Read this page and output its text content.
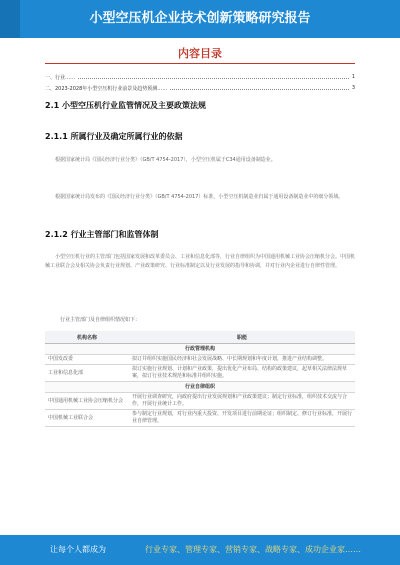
小型空压机企业技术创新策略研究报告
内容目录
一、行业……	1
二、2023-2028年小型空压机行业前景及趋势预测……	3
2.1 小型空压机行业监管情况及主要政策法规
2.1.1 所属行业及确定所属行业的依据
根据国家统计局《国民经济行业分类》（GB/T 4754-2017），小型空压机属于C34通用设备制造业。
根据国家统计局发布的《国民经济行业分类》（GB/T 4754-2017）标准，小型空压机制造业归属于通用设备制造业中的细分领域。
2.1.2 行业主管部门和监管体制
小型空压机行业的主管部门包括国家发展和改革委员会、工业和信息化部等，行业自律组织为中国通用机械工业协会压缩机分会。中国机械工业联合会及相关协会负责行业规划、产业政策研究、行业标准制定以及行业发展的指导和协调，并对行业内企业进行自律性管理。
行业主管部门及自律组织情况如下：
机构名称	职能
行政管理机构	
中国发改委	拟订并组织实施国民经济和社会发展战略、中长期规划和年度计划，推进产业结构调整。
工业和信息化部	拟订实施行业规划、计划和产业政策，提出优化产业布局、结构的政策建议，起草相关法律法规草案，拟订行业技术规范和标准并组织实施。
行业自律组织	
中国通用机械工业协会压缩机分会	开展行业调查研究，向政府提出行业发展规划和产业政策建议；制定行业标准，组织技术交流与合作，开展行业统计工作。
中国机械工业联合会	参与制定行业规划，对行业内重大投资、开发项目进行前期论证；组织制定、修订行业标准，开展行业自律管理。
让每个人都成为	行业专家、管理专家、营销专家、战略专家、成功企业家……
